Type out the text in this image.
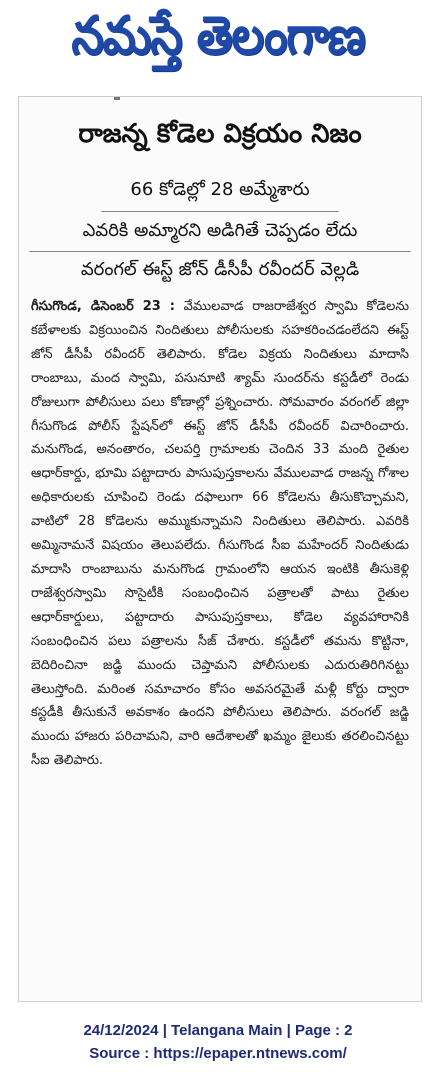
నమస్తే తెలంగాణ
రాజన్న కోడెల విక్రయం నిజం
66 కోడెల్లో 28 అమ్మేశారు
ఎవరికి అమ్మారని అడిగితే చెప్పడం లేదు
వరంగల్ ఈస్ట్ జోన్ డీసీపీ రవీందర్ వెల్లడి

గీసుగొండ, డిసెంబర్ 23 : వేములవాడ రాజరాజేశ్వర స్వామి కోడెలను కబేళాలకు విక్రయించిన నిందితులు పోలీసులకు సహకరించడంలేదని ఈస్ట్ జోన్ డీసీపీ రవీందర్ తెలిపారు. కోడెల విక్రయ నిందితులు మాదాసి రాంబాబు, మంద స్వామి, పసునూటి శ్యామ్ సుందర్‌ను కస్టడీలో రెండు రోజులుగా పోలీసులు పలు కోణాల్లో ప్రశ్నించారు. సోమవారం వరంగల్ జిల్లా గీసుగొండ పోలీస్ స్టేషన్‌లో ఈస్ట్ జోన్ డీసీపీ రవీందర్ విచారించారు. మనుగొండ, అనంతారం, చలపర్తి గ్రామాలకు చెందిన 33 మంది రైతుల ఆధార్‌కార్డు, భూమి పట్టాదారు పాసుపుస్తకాలను వేములవాడ రాజన్న గోశాల అధికారులకు చూపించి రెండు దఫాలుగా 66 కోడెలను తీసుకొచ్చామని, వాటిలో 28 కోడెలను అమ్ముకున్నామని నిందితులు తెలిపారు. ఎవరికి అమ్మినామనే విషయం తెలుపలేదు. గీసుగొండ సీఐ మహేందర్ నిందితుడు మాదాసి రాంబాబును మనుగొండ గ్రామంలోని ఆయన ఇంటికి తీసుకెళ్లి రాజేశ్వరస్వామి సొసైటీకి సంబంధించిన పత్రాలతో పాటు రైతుల ఆధార్‌కార్డులు, పట్టాదారు పాసుపుస్తకాలు, కోడెల వ్యవహారానికి సంబంధించిన పలు పత్రాలను సీజ్ చేశారు. కస్టడీలో తమను కొట్టినా, బెదిరించినా జడ్జి ముందు చెప్తామని పోలీసులకు ఎదురుతిరిగినట్టు తెలుస్తోంది. మరింత సమాచారం కోసం అవసరమైతే మళ్లీ కోర్టు ద్వారా కస్టడీకి తీసుకునే అవకాశం ఉందని పోలీసులు తెలిపారు. వరంగల్ జడ్జి ముందు హాజరు పరిచామని, వారి ఆదేశాలతో ఖమ్మం జైలుకు తరలించినట్టు సీఐ తెలిపారు.

24/12/2024 | Telangana Main | Page : 2
Source : https://epaper.ntnews.com/
